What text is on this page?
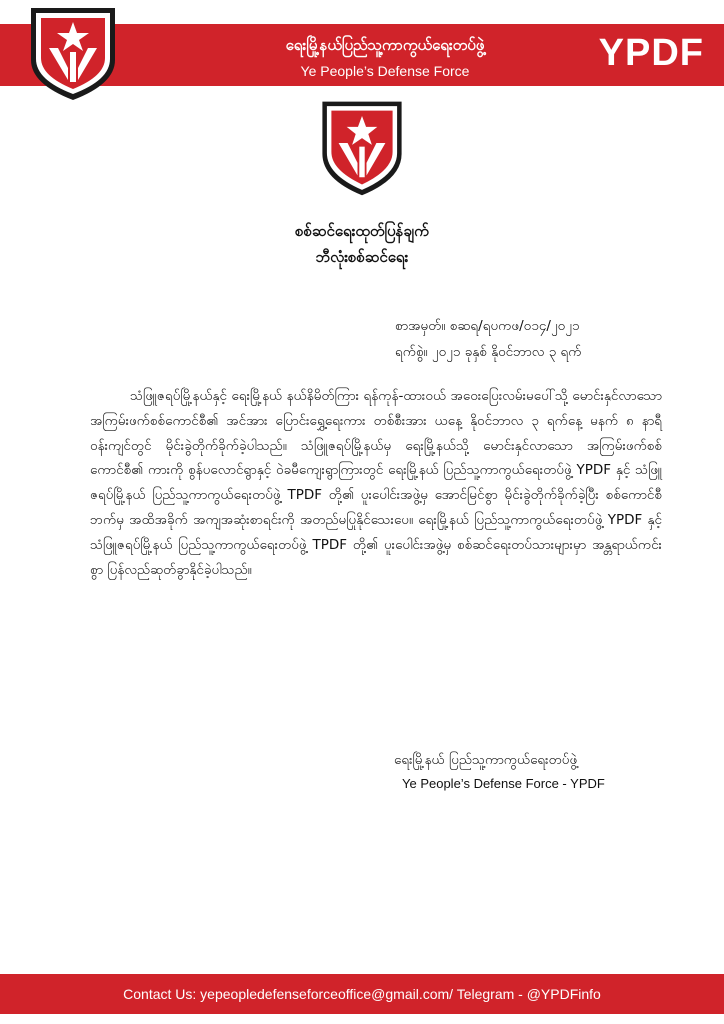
ရေးမြို့နယ်ပြည်သူ့ကာကွယ်ရေးတပ်ဖွဲ့
Ye People’s Defense Force	YPDF
စစ်ဆင်ရေးထုတ်ပြန်ချက်
ဘီလုံးစစ်ဆင်ရေး
စာအမှတ်။ စဆရ/ရပကဖ/၀၁၄/၂၀၂၁
ရက်စွဲ။ ၂၀၂၁ ခုနှစ် နိုဝင်ဘာလ ၃ ရက်
သံဖြူဇရပ်မြို့နယ်နှင့် ရေးမြို့နယ် နယ်နိမိတ်ကြား ရန်ကုန်-ထားဝယ် အဝေးပြေးလမ်းမပေါ်သို့ မောင်းနှင်လာသော အကြမ်းဖက်စစ်ကောင်စီ၏ အင်အား ပြောင်းရွှေ့ရေးကား တစ်စီးအား ယနေ့ နိုဝင်ဘာလ ၃ ရက်နေ့ မနက် ၈ နာရီဝန်းကျင်တွင် မိုင်းခွဲတိုက်ခိုက်ခဲ့ပါသည်။ သံဖြူဇရပ်မြို့နယ်မှ ရေးမြို့နယ်သို့ မောင်းနှင်လာသော အကြမ်းဖက်စစ်ကောင်စီ၏ ကားကို စွန်ပလောင်ရွာနှင့် ဝဲခမီကျေးရွာကြားတွင် ရေးမြို့နယ် ပြည်သူ့ကာကွယ်ရေးတပ်ဖွဲ့ YPDF နှင့် သံဖြူဇရပ်မြို့နယ် ပြည်သူ့ကာကွယ်ရေးတပ်ဖွဲ့ TPDF တို့၏ ပူးပေါင်းအဖွဲ့မှ အောင်မြင်စွာ မိုင်းခွဲတိုက်ခိုက်ခဲ့ပြီး စစ်ကောင်စီဘက်မှ အထိအခိုက် အကျအဆုံးစာရင်းကို အတည်မပြုနိုင်သေးပေ။ ရေးမြို့နယ် ပြည်သူ့ကာကွယ်ရေးတပ်ဖွဲ့ YPDF နှင့် သံဖြူဇရပ်မြို့နယ် ပြည်သူ့ကာကွယ်ရေးတပ်ဖွဲ့ TPDF တို့၏ ပူးပေါင်းအဖွဲ့မှ စစ်ဆင်ရေးတပ်သားများမှာ အန္တရာယ်ကင်းစွာ ပြန်လည်ဆုတ်ခွာနိုင်ခဲ့ပါသည်။
ရေးမြို့နယ် ပြည်သူ့ကာကွယ်ရေးတပ်ဖွဲ့
Ye People’s Defense Force - YPDF
Contact Us: yepeopledefenseforceoffice@gmail.com/ Telegram - @YPDFinfo
